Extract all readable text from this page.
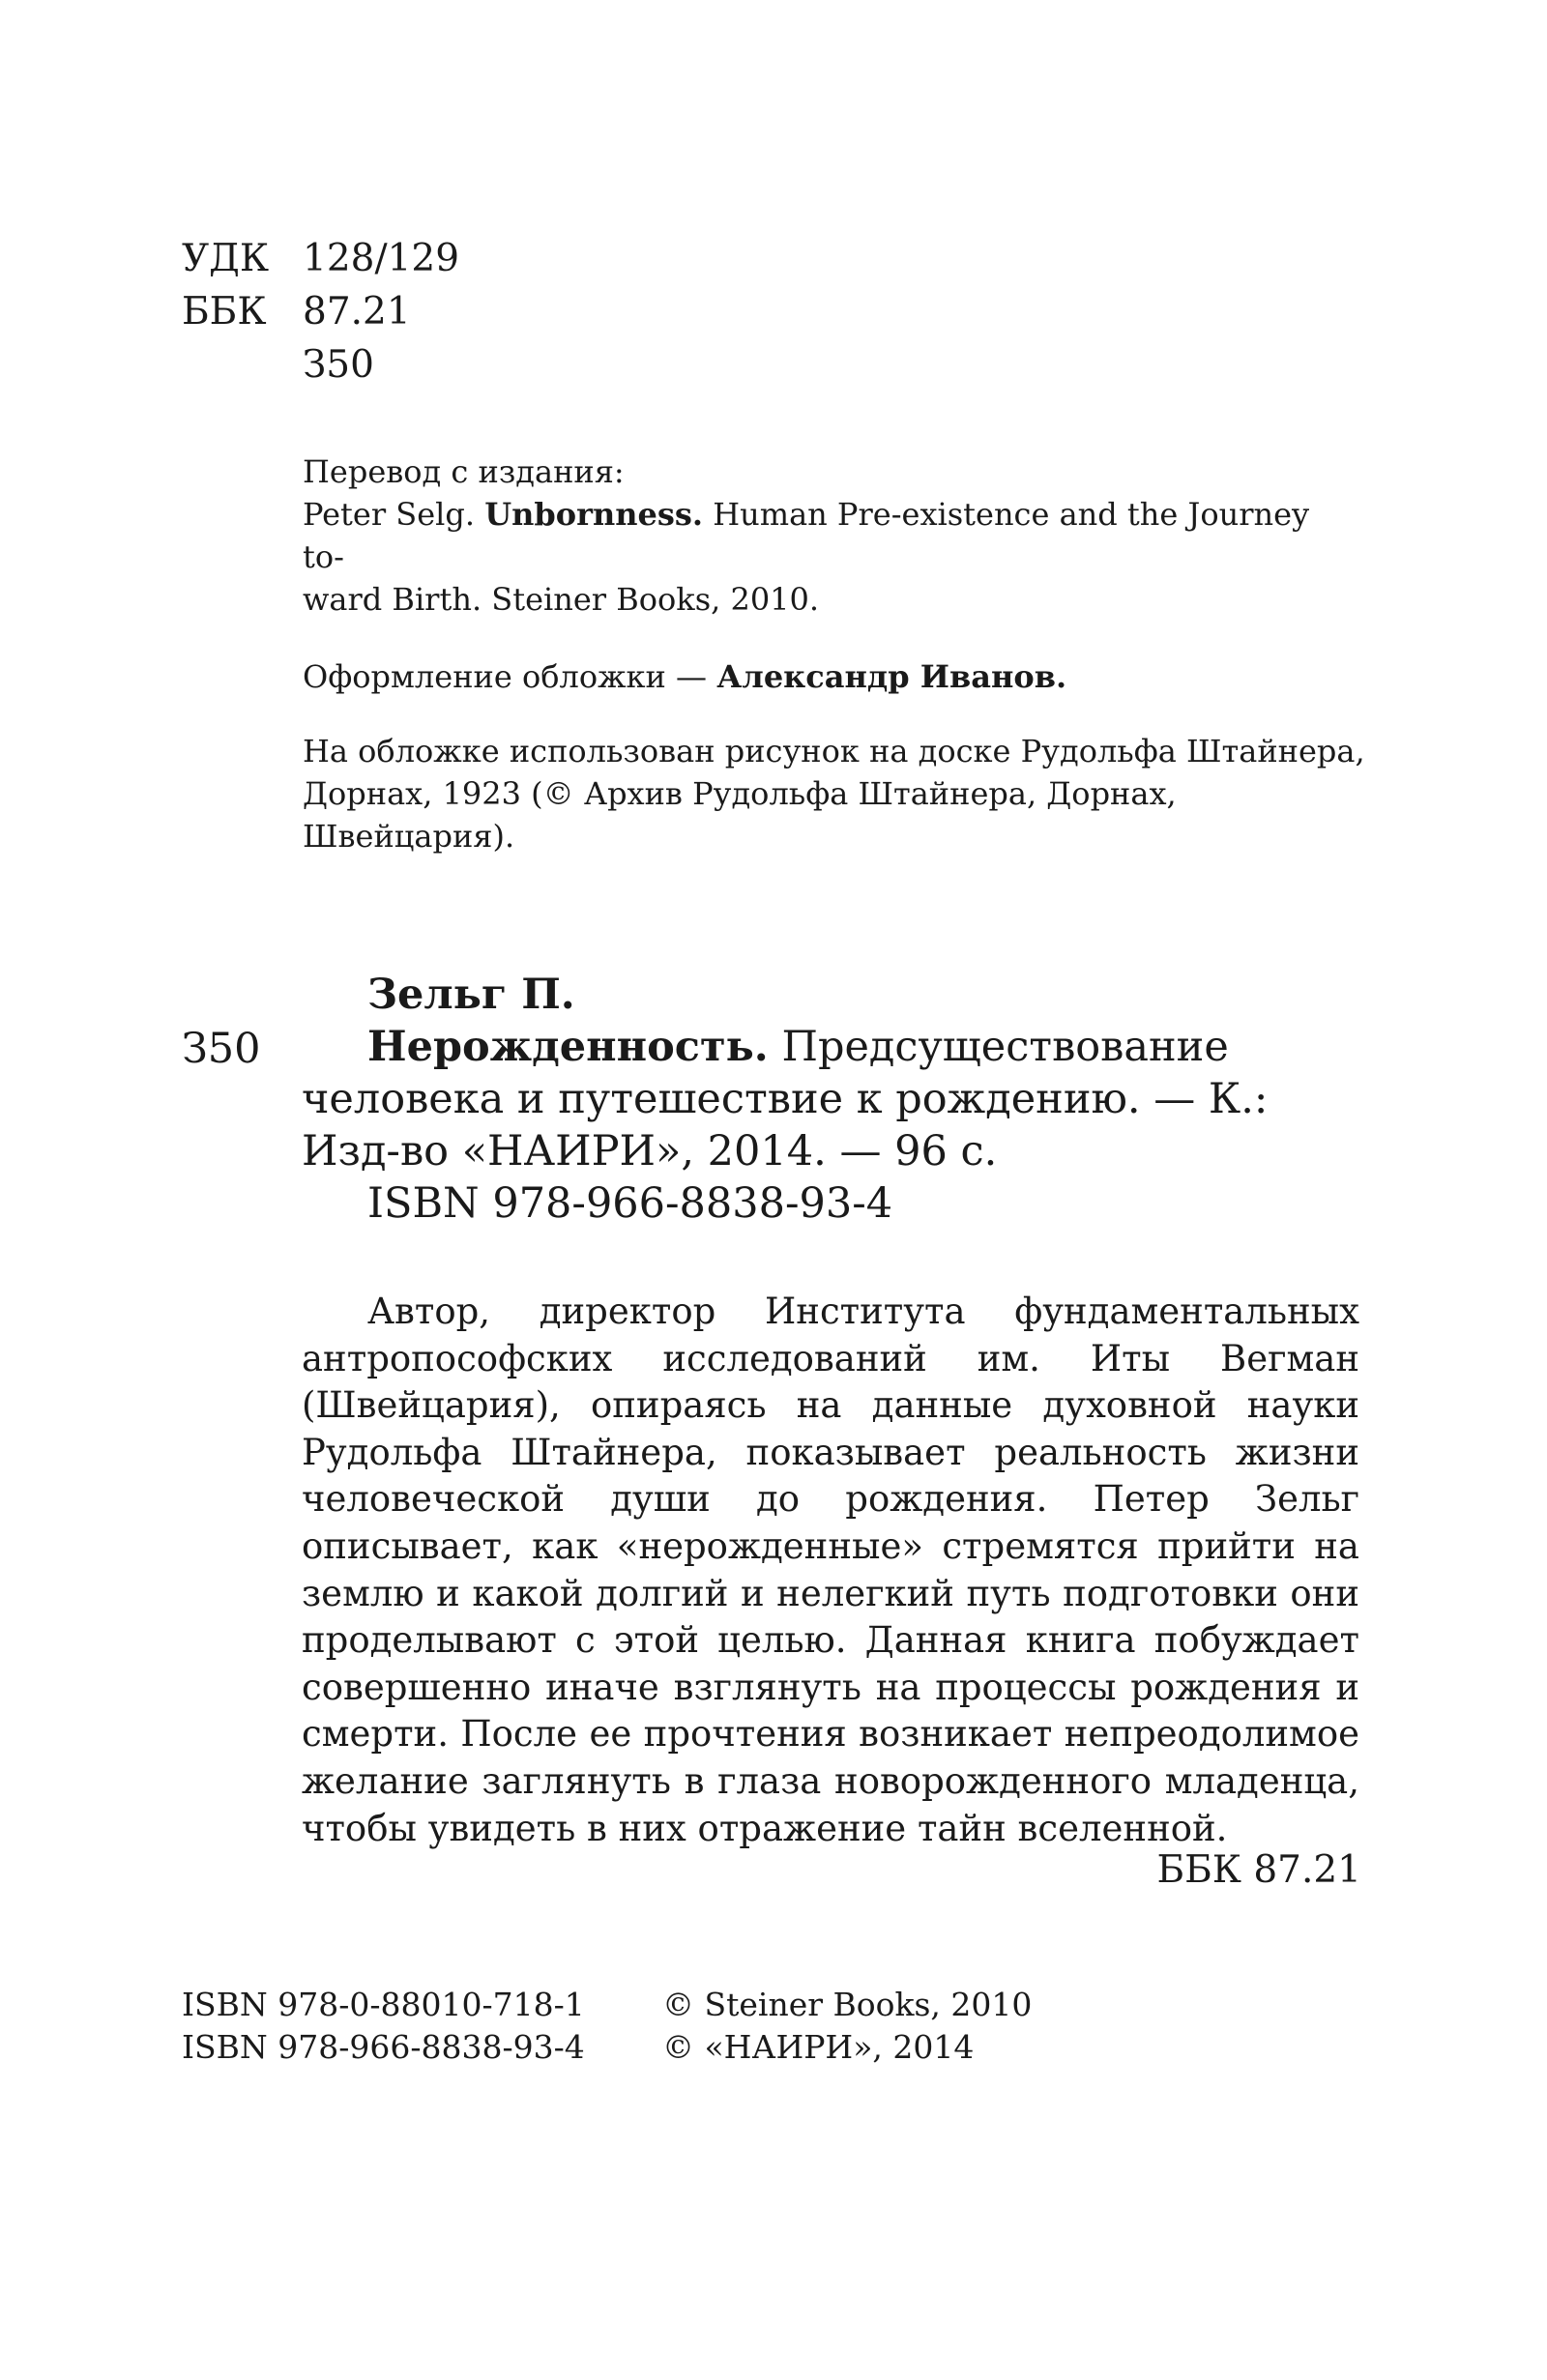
УДК 128/129
ББК 87.21
З50
Перевод с издания:
Peter Selg. Unbornness. Human Pre-existence and the Journey to-
ward Birth. Steiner Books, 2010.
Оформление обложки — Александр Иванов.
На обложке использован рисунок на доске Рудольфа Штайнера,
Дорнах, 1923 (© Архив Рудольфа Штайнера, Дорнах, Швейцария).
З50
Зельг П.
Нерожденность. Предсуществование
человека и путешествие к рождению. — К.:
Изд-во «НАИРИ», 2014. — 96 с.
ISBN 978-966-8838-93-4
Автор, директор Института фундаментальных антропософских исследований им. Иты Вегман (Швейцария), опираясь на данные духовной науки Рудольфа Штайнера, показывает реальность жизни человеческой души до рождения. Петер Зельг описывает, как «нерожденные» стремятся прийти на землю и какой долгий и нелегкий путь подготовки они проделывают с этой целью. Данная книга побуждает совершенно иначе взглянуть на процессы рождения и смерти. После ее прочтения возникает непреодолимое желание заглянуть в глаза новорожденного младенца, чтобы увидеть в них отражение тайн вселенной.
ББК 87.21
ISBN 978-0-88010-718-1
ISBN 978-966-8838-93-4
© Steiner Books, 2010
© «НАИРИ», 2014
